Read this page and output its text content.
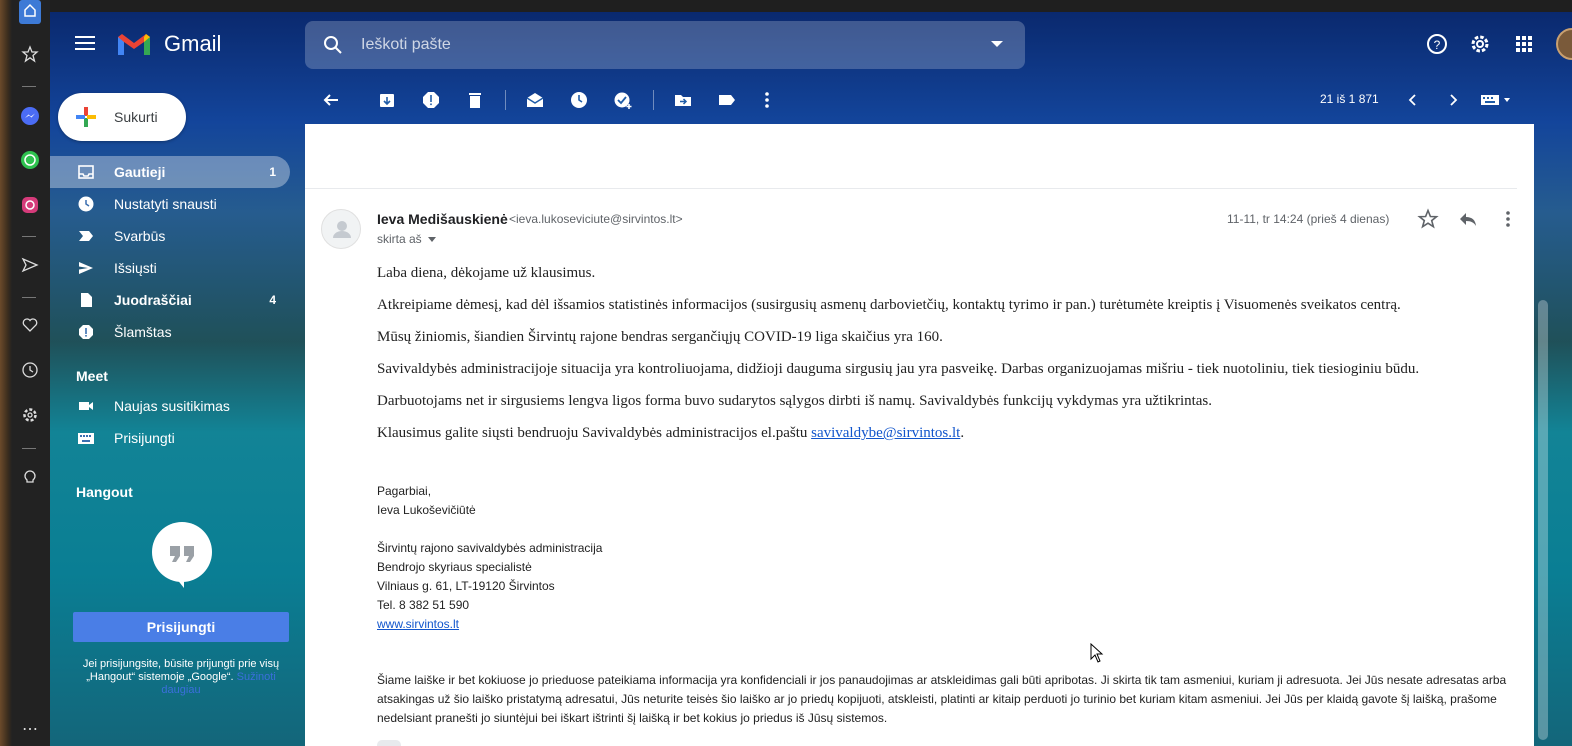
⋯
Gmail
Ieškoti pašte	?
Sukurti
Gautieji	1
Nustatyti snausti
Svarbūs
Išsiųsti
Juodraščiai	4
Šlamštas
Meet
Naujas susitikimas
Prisijungti
Hangout
Prisijungti
Jei prisijungsite, būsite prijungti prie visų „Hangout“ sistemoje „Google“. Sužinoti daugiau
21 iš 1 871
Ieva Medišauskienė <ieva.lukoseviciute@sirvintos.lt>
skirta aš
11-11, tr 14:24 (prieš 4 dienas)

Laba diena, dėkojame už klausimus.

Atkreipiame dėmesį, kad dėl išsamios statistinės informacijos (susirgusių asmenų darbovietčių, kontaktų tyrimo ir pan.) turėtumėte kreiptis į Visuomenės sveikatos centrą.

Mūsų žiniomis, šiandien Širvintų rajone bendras sergančiųjų COVID-19 liga skaičius yra 160.

Savivaldybės administracijoje situacija yra kontroliuojama, didžioji dauguma sirgusių jau yra pasveikę. Darbas organizuojamas mišriu - tiek nuotoliniu, tiek tiesioginiu būdu.

Darbuotojams net ir sirgusiems lengva ligos forma buvo sudarytos sąlygos dirbti iš namų. Savivaldybės funkcijų vykdymas yra užtikrintas.

Klausimus galite siųsti bendruoju Savivaldybės administracijos el.paštu savivaldybe@sirvintos.lt.

Pagarbiai,
Ieva Lukoševičiūtė
Širvintų rajono savivaldybės administracija
Bendrojo skyriaus specialistė
Vilniaus g. 61, LT-19120 Širvintos
Tel. 8 382 51 590
www.sirvintos.lt
Šiame laiške ir bet kokiuose jo prieduose pateikiama informacija yra konfidenciali ir jos panaudojimas ar atskleidimas gali būti apribotas. Ji skirta tik tam asmeniui, kuriam ji adresuota. Jei Jūs nesate adresatas arba atsakingas už šio laiško pristatymą adresatui, Jūs neturite teisės šio laiško ar jo priedų kopijuoti, atskleisti, platinti ar kitaip perduoti jo turinio bet kuriam kitam asmeniui. Jei Jūs per klaidą gavote šį laišką, prašome nedelsiant pranešti jo siuntėjui bei iškart ištrinti šį laišką ir bet kokius jo priedus iš Jūsų sistemos.
